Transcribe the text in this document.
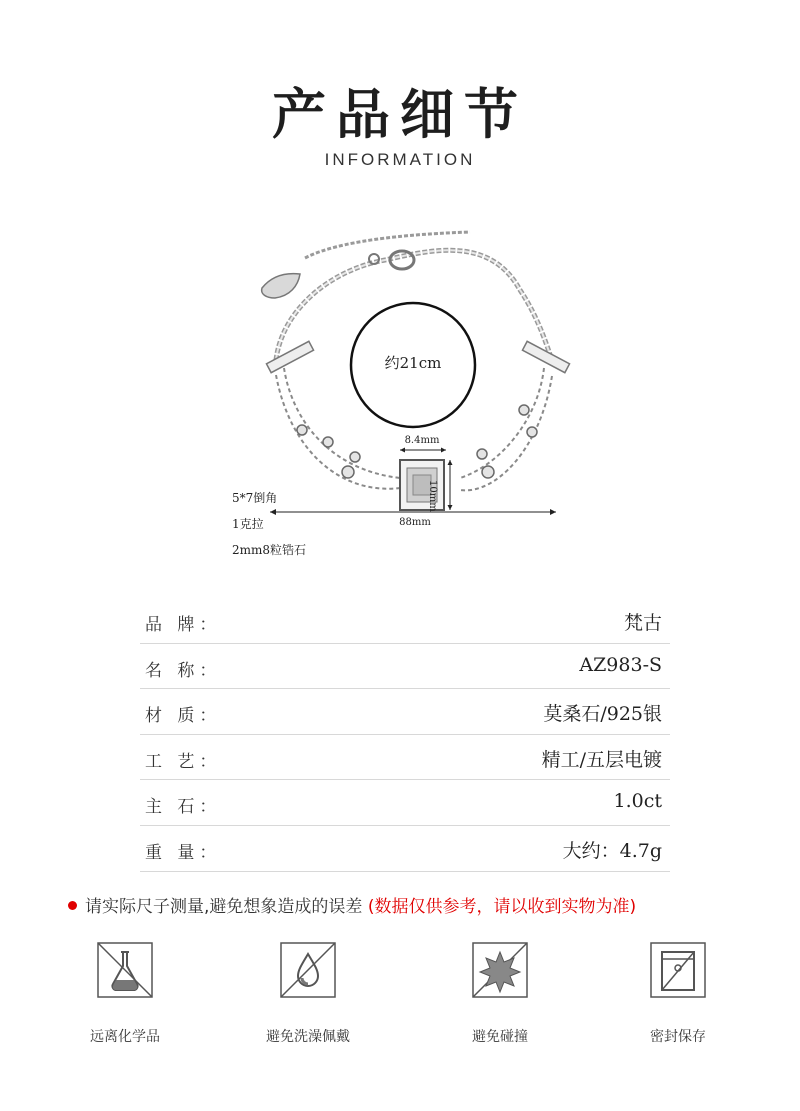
产品细节
INFORMATION
约21cm
8.4mm
10mm
88mm
5*7倒角
1克拉
2mm8粒锆石
品 牌：	梵古
名 称：	AZ983-S
材 质：	莫桑石/925银
工 艺：	精工/五层电镀
主 石：	1.0ct
重 量：	大约：4.7g
请实际尺子测量,避免想象造成的误差 (数据仅供参考，请以收到实物为准)
远离化学品	避免洗澡佩戴	避免碰撞	密封保存
